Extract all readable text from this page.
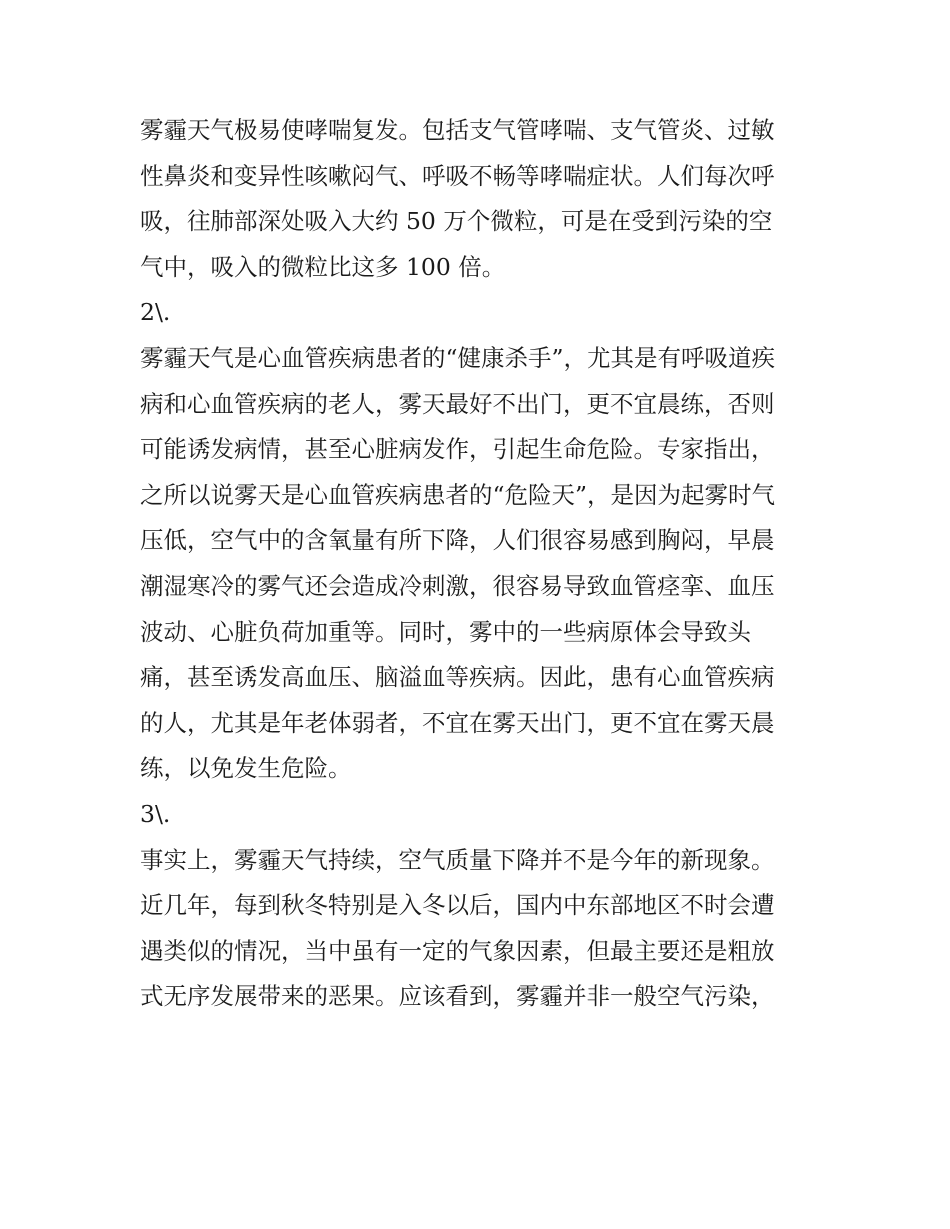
雾霾天气极易使哮喘复发。包括支气管哮喘、支气管炎、过敏
性鼻炎和变异性咳嗽闷气、呼吸不畅等哮喘症状。人们每次呼
吸，往肺部深处吸入大约 50 万个微粒，可是在受到污染的空
气中，吸入的微粒比这多 100 倍。
2\.
雾霾天气是心血管疾病患者的“健康杀手”，尤其是有呼吸道疾
病和心血管疾病的老人，雾天最好不出门，更不宜晨练，否则
可能诱发病情，甚至心脏病发作，引起生命危险。专家指出，
之所以说雾天是心血管疾病患者的“危险天”，是因为起雾时气
压低，空气中的含氧量有所下降，人们很容易感到胸闷，早晨
潮湿寒冷的雾气还会造成冷刺激，很容易导致血管痉挛、血压
波动、心脏负荷加重等。同时，雾中的一些病原体会导致头
痛，甚至诱发高血压、脑溢血等疾病。因此，患有心血管疾病
的人，尤其是年老体弱者，不宜在雾天出门，更不宜在雾天晨
练，以免发生危险。
3\.
事实上，雾霾天气持续，空气质量下降并不是今年的新现象。
近几年，每到秋冬特别是入冬以后，国内中东部地区不时会遭
遇类似的情况，当中虽有一定的气象因素，但最主要还是粗放
式无序发展带来的恶果。应该看到，雾霾并非一般空气污染，
